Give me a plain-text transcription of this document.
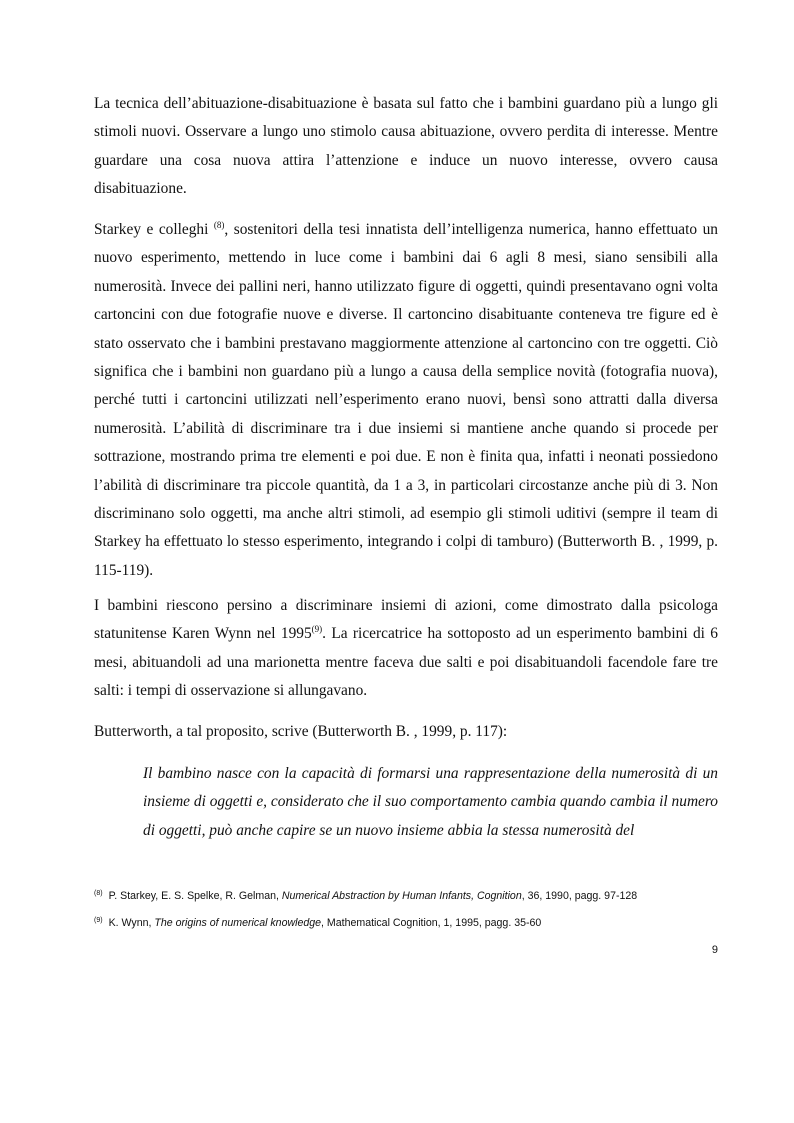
La tecnica dell’abituazione-disabituazione è basata sul fatto che i bambini guardano più a lungo gli stimoli nuovi. Osservare a lungo uno stimolo causa abituazione, ovvero perdita di interesse. Mentre guardare una cosa nuova attira l’attenzione e induce un nuovo interesse, ovvero causa disabituazione.

Starkey e colleghi $^{(8)}$, sostenitori della tesi innatista dell’intelligenza numerica, hanno effettuato un nuovo esperimento, mettendo in luce come i bambini dai 6 agli 8 mesi, siano sensibili alla numerosità. Invece dei pallini neri, hanno utilizzato figure di oggetti, quindi presentavano ogni volta cartoncini con due fotografie nuove e diverse. Il cartoncino disabituante conteneva tre figure ed è stato osservato che i bambini prestavano maggiormente attenzione al cartoncino con tre oggetti. Ciò significa che i bambini non guardano più a lungo a causa della semplice novità (fotografia nuova), perché tutti i cartoncini utilizzati nell’esperimento erano nuovi, bensì sono attratti dalla diversa numerosità. L’abilità di discriminare tra i due insiemi si mantiene anche quando si procede per sottrazione, mostrando prima tre elementi e poi due. E non è finita qua, infatti i neonati possiedono l’abilità di discriminare tra piccole quantità, da 1 a 3, in particolari circostanze anche più di 3. Non discriminano solo oggetti, ma anche altri stimoli, ad esempio gli stimoli uditivi (sempre il team di Starkey ha effettuato lo stesso esperimento, integrando i colpi di tamburo) (Butterworth B. , 1999, p. 115-119).

I bambini riescono persino a discriminare insiemi di azioni, come dimostrato dalla psicologa statunitense Karen Wynn nel 1995$^{(9)}$. La ricercatrice ha sottoposto ad un esperimento bambini di 6 mesi, abituandoli ad una marionetta mentre faceva due salti e poi disabituandoli facendole fare tre salti: i tempi di osservazione si allungavano.

Butterworth, a tal proposito, scrive (Butterworth B. , 1999, p. 117):

Il bambino nasce con la capacità di formarsi una rappresentazione della numerosità di un insieme di oggetti e, considerato che il suo comportamento cambia quando cambia il numero di oggetti, può anche capire se un nuovo insieme abbia la stessa numerosità del

$^{(8)}$ P. Starkey, E. S. Spelke, R. Gelman, Numerical Abstraction by Human Infants, Cognition, 36, 1990, pagg. 97-128

$^{(9)}$ K. Wynn, The origins of numerical knowledge, Mathematical Cognition, 1, 1995, pagg. 35-60

9
